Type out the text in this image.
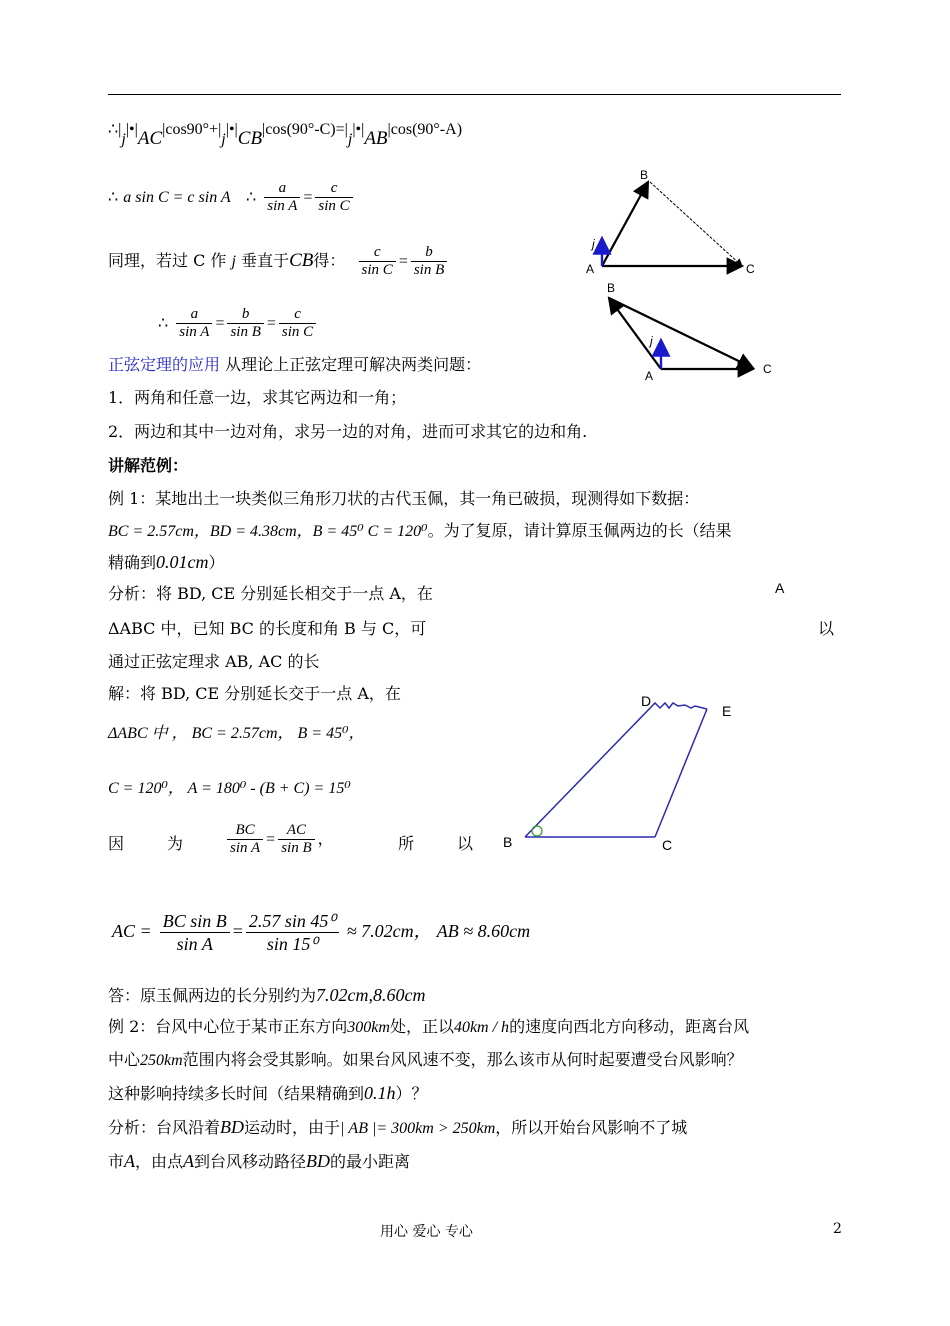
∴|j|•|AC|cos90°+|j|•|CB|cos(90°-C)=|j|•|AB|cos(90°-A)
∴ a sin C = c sin A ∴ $\frac{a}{\text{sin A}} = \frac{c}{\text{sin C}}$
同理，若过 C 作 j 垂直于CB得： $\frac{c}{\text{sin C}} = \frac{b}{\text{sin B}}$
∴ $\frac{a}{\text{sin A}} = \frac{b}{\text{sin B}} = \frac{c}{\text{sin C}}$
正弦定理的应用 从理论上正弦定理可解决两类问题：
1．两角和任意一边，求其它两边和一角；
2．两边和其中一边对角，求另一边的对角，进而可求其它的边和角.
讲解范例：
例 1：某地出土一块类似三角形刀状的古代玉佩，其一角已破损，现测得如下数据：
BC = 2.57cm，BD = 4.38cm，B = 45⁰ C = 120⁰。为了复原，请计算原玉佩两边的长（结果
精确到0.01cm）
分析：将 BD, CE 分别延长相交于一点 A，在
ΔABC 中，已知 BC 的长度和角 B 与 C，可	以
通过正弦定理求 AB, AC 的长
解：将 BD, CE 分别延长交于一点 A，在
ΔABC 中 ， BC = 2.57cm， B = 45⁰，
C = 120⁰， A = 180⁰ - (B + C) = 15⁰
因	为	$\frac{BC}{\text{sin A}} = \frac{AC}{\text{sin B}}$ ，	所	以
AC = $\frac{\text{BC sin B}}{\text{sin A}} = \frac{\text{2.57 sin 45⁰}}{\text{sin 15⁰}} \approx 7.02cm$， AB ≈ 8.60cm
答：原玉佩两边的长分别约为7.02cm,8.60cm
例 2：台风中心位于某市正东方向300km处，正以40km / h的速度向西北方向移动，距离台风
中心250km范围内将会受其影响。如果台风风速不变，那么该市从何时起要遭受台风影响？
这种影响持续多长时间（结果精确到0.1h）？
分析：台风沿着BD运动时，由于| AB |= 300km > 250km，所以开始台风影响不了城
市A，由点A到台风移动路径BD的最小距离
B
A	C
j
B
A	C
j
A
D
E
B	C
用心 爱心 专心	2
